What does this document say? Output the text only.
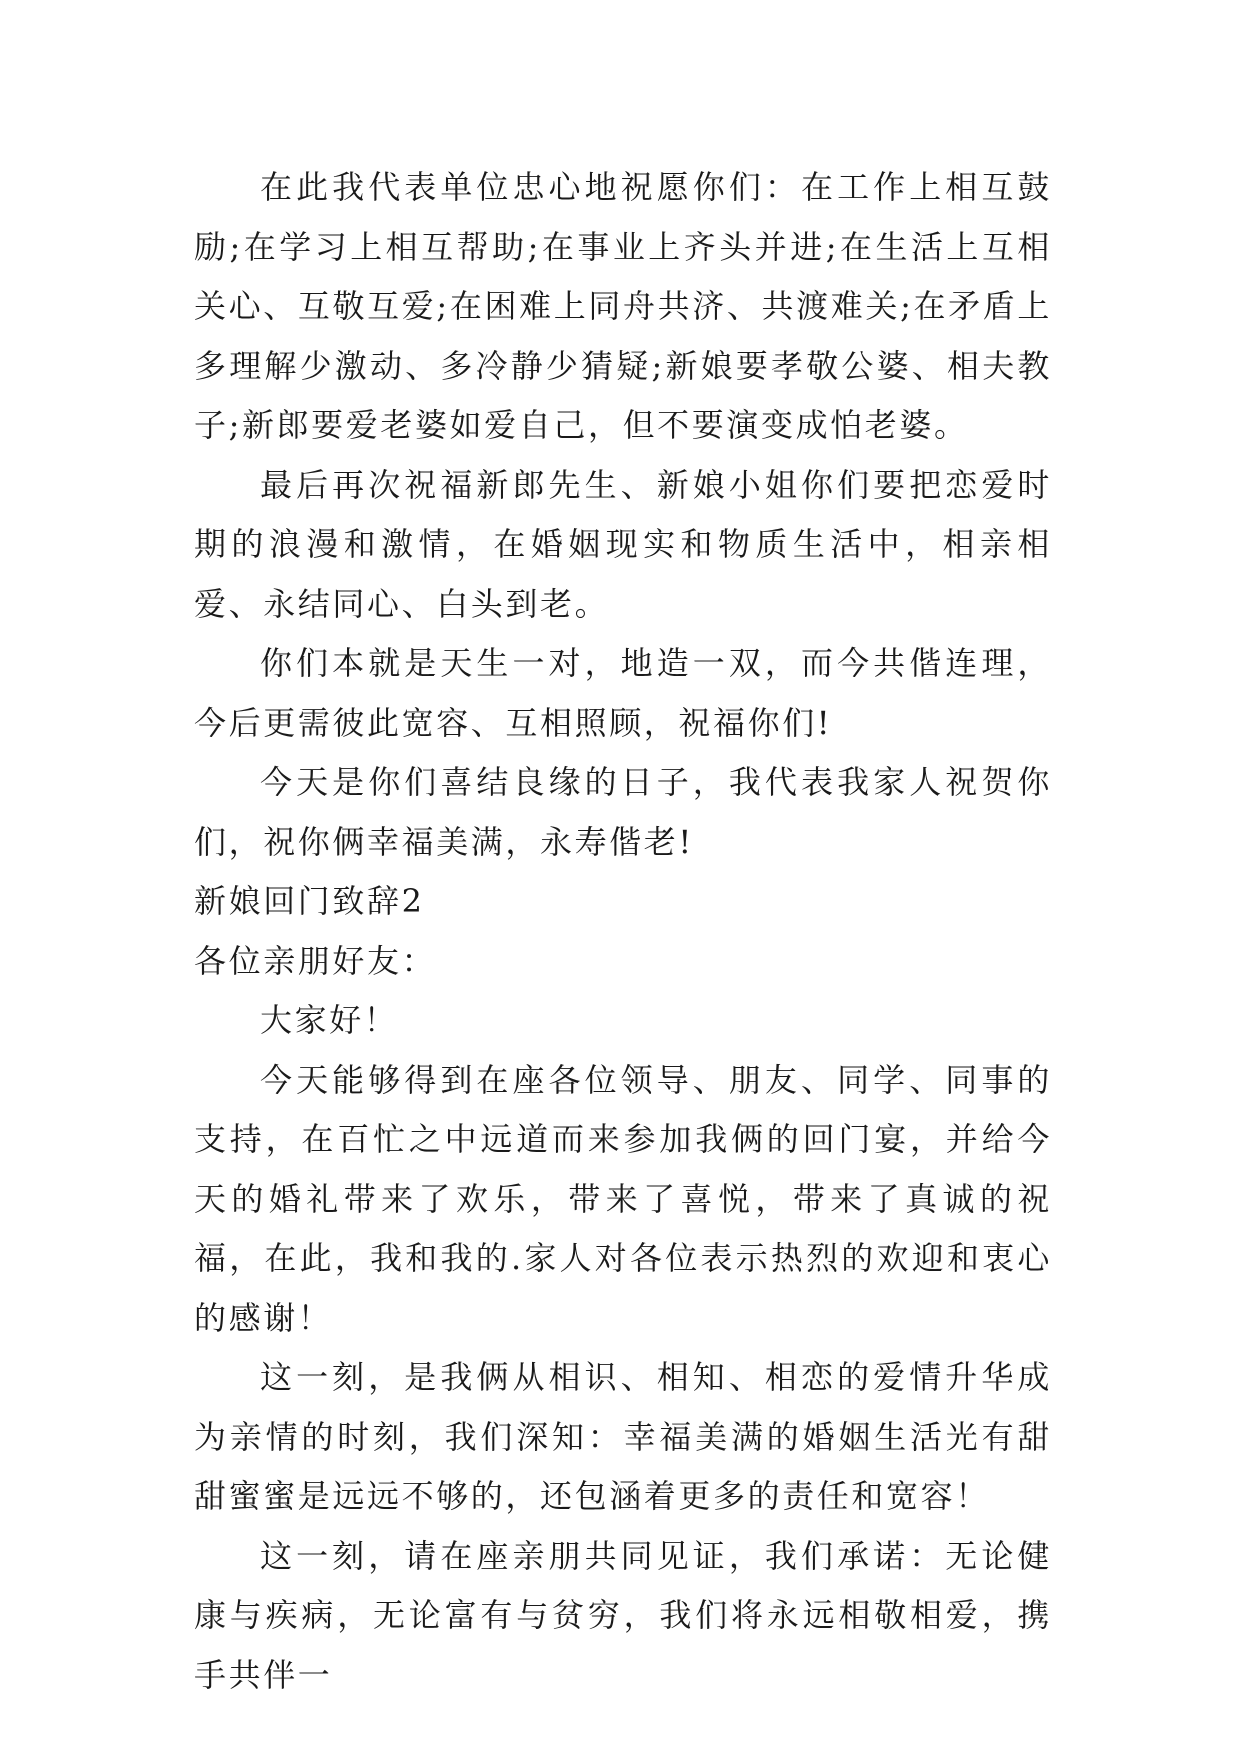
在此我代表单位忠心地祝愿你们：在工作上相互鼓励;在学习上相互帮助;在事业上齐头并进;在生活上互相关心、互敬互爱;在困难上同舟共济、共渡难关;在矛盾上多理解少激动、多冷静少猜疑;新娘要孝敬公婆、相夫教子;新郎要爱老婆如爱自己，但不要演变成怕老婆。

最后再次祝福新郎先生、新娘小姐你们要把恋爱时期的浪漫和激情，在婚姻现实和物质生活中，相亲相爱、永结同心、白头到老。

你们本就是天生一对，地造一双，而今共偕连理，今后更需彼此宽容、互相照顾，祝福你们!

今天是你们喜结良缘的日子，我代表我家人祝贺你们，祝你俩幸福美满，永寿偕老!

新娘回门致辞2

各位亲朋好友：

大家好！

今天能够得到在座各位领导、朋友、同学、同事的支持，在百忙之中远道而来参加我俩的回门宴，并给今天的婚礼带来了欢乐，带来了喜悦，带来了真诚的祝福，在此，我和我的.家人对各位表示热烈的欢迎和衷心的感谢！

这一刻，是我俩从相识、相知、相恋的爱情升华成为亲情的时刻，我们深知：幸福美满的婚姻生活光有甜甜蜜蜜是远远不够的，还包涵着更多的责任和宽容！

这一刻，请在座亲朋共同见证，我们承诺：无论健康与疾病，无论富有与贫穷，我们将永远相敬相爱，携手共伴一
